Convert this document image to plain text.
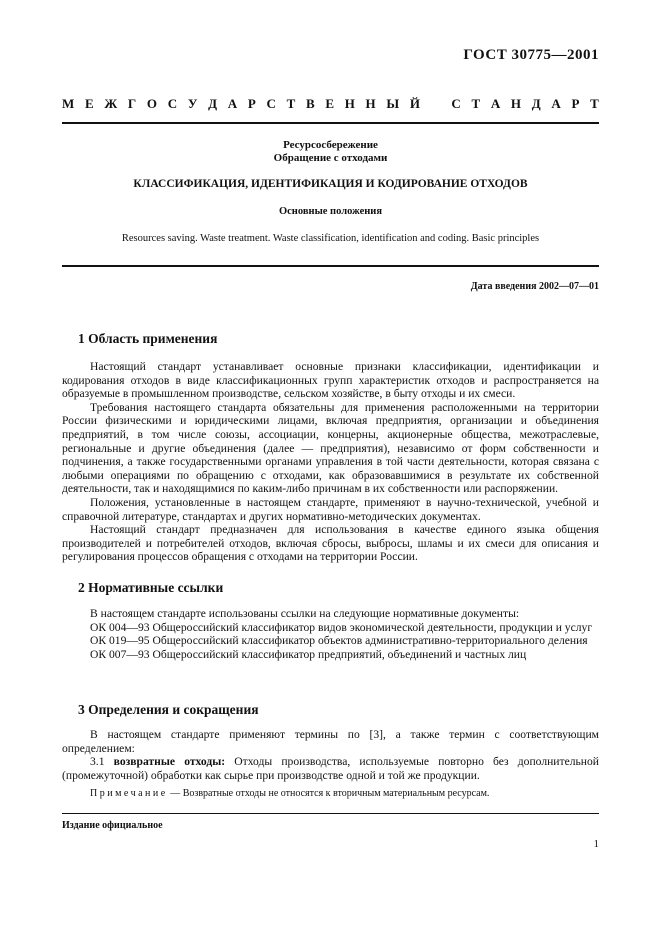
ГОСТ 30775—2001
М Е Ж Г О С У Д А Р С Т В Е Н Н Ы Й С Т А Н Д А Р Т
Ресурсосбережение
Обращение с отходами
КЛАССИФИКАЦИЯ, ИДЕНТИФИКАЦИЯ И КОДИРОВАНИЕ ОТХОДОВ
Основные положения
Resources saving. Waste treatment. Waste classification, identification and coding. Basic principles
Дата введения 2002—07—01
1 Область применения

Настоящий стандарт устанавливает основные признаки классификации, идентификации и кодирования отходов в виде классификационных групп характеристик отходов и распространяется на образуемые в промышленном производстве, сельском хозяйстве, в быту отходы и их смеси.

Требования настоящего стандарта обязательны для применения расположенными на территории России физическими и юридическими лицами, включая предприятия, организации и объединения предприятий, в том числе союзы, ассоциации, концерны, акционерные общества, межотраслевые, региональные и другие объединения (далее — предприятия), независимо от форм собственности и подчинения, а также государственными органами управления в той части деятельности, которая связана с любыми операциями по обращению с отходами, как образовавшимися в результате их собственной деятельности, так и находящимися по каким-либо причинам в их собственности или распоряжении.

Положения, установленные в настоящем стандарте, применяют в научно-технической, учебной и справочной литературе, стандартах и других нормативно-методических документах.

Настоящий стандарт предназначен для использования в качестве единого языка общения производителей и потребителей отходов, включая сбросы, выбросы, шламы и их смеси для описания и регулирования процессов обращения с отходами на территории России.

2 Нормативные ссылки

В настоящем стандарте использованы ссылки на следующие нормативные документы:

ОК 004—93 Общероссийский классификатор видов экономической деятельности, продукции и услуг

ОК 019—95 Общероссийский классификатор объектов административно-территориального деления

ОК 007—93 Общероссийский классификатор предприятий, объединений и частных лиц

3 Определения и сокращения

В настоящем стандарте применяют термины по [3], а также термин с соответствующим определением:

3.1 возвратные отходы: Отходы производства, используемые повторно без дополнительной (промежуточной) обработки как сырье при производстве одной и той же продукции.

Примечание — Возвратные отходы не относятся к вторичным материальным ресурсам.
Издание официальное
1
